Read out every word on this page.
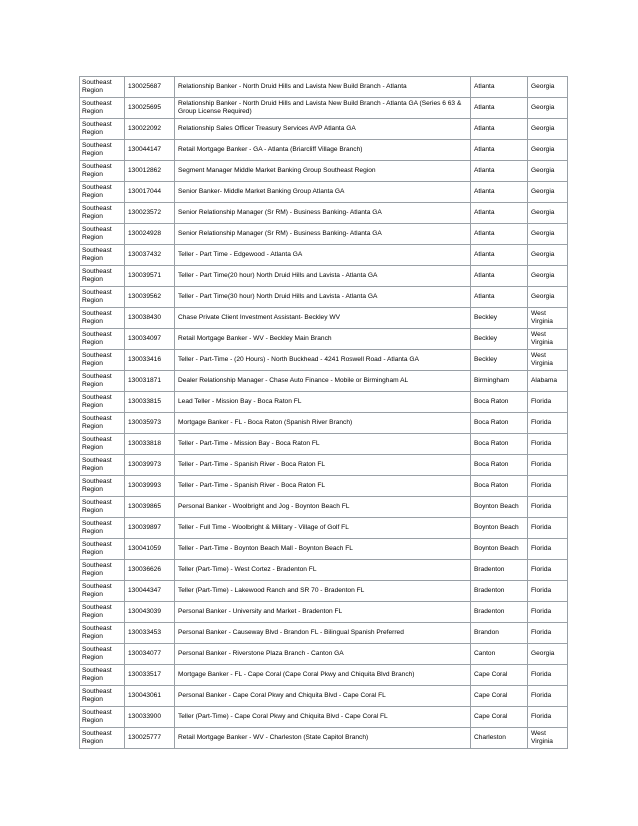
Southeast Region	130025687	Relationship Banker - North Druid Hills and Lavista New Build Branch - Atlanta	Atlanta	Georgia
Southeast Region	130025695	Relationship Banker - North Druid Hills and Lavista New Build Branch - Atlanta GA (Series 6 63 & Group License Required)	Atlanta	Georgia
Southeast Region	130022092	Relationship Sales Officer Treasury Services AVP Atlanta GA	Atlanta	Georgia
Southeast Region	130044147	Retail Mortgage Banker - GA - Atlanta (Briarcliff Village Branch)	Atlanta	Georgia
Southeast Region	130012862	Segment Manager Middle Market Banking Group Southeast Region	Atlanta	Georgia
Southeast Region	130017044	Senior Banker- Middle Market Banking Group Atlanta GA	Atlanta	Georgia
Southeast Region	130023572	Senior Relationship Manager (Sr RM) - Business Banking- Atlanta GA	Atlanta	Georgia
Southeast Region	130024928	Senior Relationship Manager (Sr RM) - Business Banking- Atlanta GA	Atlanta	Georgia
Southeast Region	130037432	Teller - Part Time - Edgewood - Atlanta GA	Atlanta	Georgia
Southeast Region	130039571	Teller - Part Time(20 hour) North Druid Hills and Lavista - Atlanta GA	Atlanta	Georgia
Southeast Region	130039562	Teller - Part Time(30 hour) North Druid Hills and Lavista - Atlanta GA	Atlanta	Georgia
Southeast Region	130038430	Chase Private Client Investment Assistant- Beckley WV	Beckley	West Virginia
Southeast Region	130034097	Retail Mortgage Banker - WV - Beckley Main Branch	Beckley	West Virginia
Southeast Region	130033416	Teller - Part-Time - (20 Hours) - North Buckhead - 4241 Roswell Road - Atlanta GA	Beckley	West Virginia
Southeast Region	130031871	Dealer Relationship Manager - Chase Auto Finance - Mobile or Birmingham AL	Birmingham	Alabama
Southeast Region	130033815	Lead Teller - Mission Bay - Boca Raton FL	Boca Raton	Florida
Southeast Region	130035973	Mortgage Banker - FL - Boca Raton (Spanish River Branch)	Boca Raton	Florida
Southeast Region	130033818	Teller - Part-Time - Mission Bay - Boca Raton FL	Boca Raton	Florida
Southeast Region	130039973	Teller - Part-Time - Spanish River - Boca Raton FL	Boca Raton	Florida
Southeast Region	130039993	Teller - Part-Time - Spanish River - Boca Raton FL	Boca Raton	Florida
Southeast Region	130039865	Personal Banker - Woolbright and Jog - Boynton Beach FL	Boynton Beach	Florida
Southeast Region	130039897	Teller - Full Time - Woolbright & Military - Village of Golf FL	Boynton Beach	Florida
Southeast Region	130041059	Teller - Part-Time - Boynton Beach Mall - Boynton Beach FL	Boynton Beach	Florida
Southeast Region	130036626	Teller (Part-Time) - West Cortez - Bradenton FL	Bradenton	Florida
Southeast Region	130044347	Teller (Part-Time) - Lakewood Ranch and SR 70 - Bradenton FL	Bradenton	Florida
Southeast Region	130043039	Personal Banker - University and Market - Bradenton FL	Bradenton	Florida
Southeast Region	130033453	Personal Banker - Causeway Blvd - Brandon FL - Bilingual Spanish Preferred	Brandon	Florida
Southeast Region	130034077	Personal Banker - Riverstone Plaza Branch - Canton GA	Canton	Georgia
Southeast Region	130033517	Mortgage Banker - FL - Cape Coral (Cape Coral Pkwy and Chiquita Blvd Branch)	Cape Coral	Florida
Southeast Region	130043061	Personal Banker - Cape Coral Pkwy and Chiquita Blvd - Cape Coral FL	Cape Coral	Florida
Southeast Region	130033900	Teller (Part-Time) - Cape Coral Pkwy and Chiquita Blvd - Cape Coral FL	Cape Coral	Florida
Southeast Region	130025777	Retail Mortgage Banker - WV - Charleston (State Capitol Branch)	Charleston	West Virginia
